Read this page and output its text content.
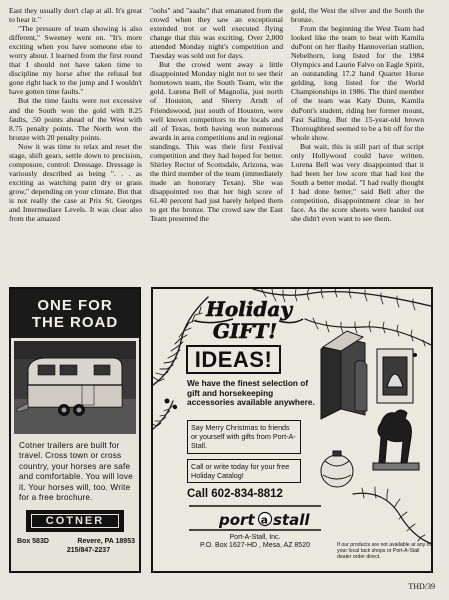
East they usually don't clap at all. It's great to hear it."

"The pressure of team showing is also different," Sweeney went on. "It's more exciting when you have someone else to worry about. I learned from the first round that I should not have taken time to discipline my horse after the refusal but gone right back to the jump and I wouldn't have gotten time faults."

But the time faults were not excessive and the South won the gold with 8.25 faults, .50 points ahead of the West with 8.75 penalty points. The North won the bronze with 20 penalty points.

Now it was time to relax and reset the stage, shift gears, settle down to precision, composure, control: Dressage. Dressage is variously described as being ". . . as exciting as watching paint dry or grass grow," depending on your climate. But that is not really the case at Prix St. Georges and Intermediare Levels. It was clear also from the amazed

"oohs" and "aaahs" that emanated from the crowd when they saw an exceptional extended trot or well executed flying change that this was exciting. Over 2,000 attended Monday night's competition and Tuesday was sold out for days.

But the crowd went away a little disappointed Monday night not to see their hometown team, the South Team, win the gold. Lurena Bell of Magnolia, just north of Houston, and Sherry Arndt of Friendswood, just south of Houston, were well known competitors to the locals and all of Texas, both having won numerous awards in area competitions and in regional standings. This was their first Festival competition and they had hoped for better. Shirley Rector of Scottsdale, Arizona, was the third member of the team (immediately made an honorary Texan). She was disappointed too that her high score of 61.40 percent had just barely helped them to get the bronze. The crowd saw the East Team presented the

gold, the West the silver and the South the bronze.

From the beginning the West Team had looked like the team to beat with Kamila duPont on her flashy Hannoverian stallion, Nebelhorn, long listed for the 1984 Olympics and Laurie Falvo on Eagle Spirit, an outstanding 17.2 hand Quarter Horse gelding, long listed for the World Championships in 1986. The third member of the team was Katy Dunn, Kamila duPont's student, riding her former mount, Fast Sailing. But the 15-year-old brown Thoroughbred seemed to be a bit off for the whole show.

But wait, this is still part of that script only Hollywood could have written. Lurena Bell was very disappointed that it had been her low score that had lost the South a better medal. "I had really thought I had done better," said Bell after the competition, disappointment clear in her face. As the score sheets were handed out she didn't even want to see them.

ONE FOR
THE ROAD
Cotner trailers are built for travel. Cross town or cross country, your horses are safe and comfortable. You will love it. Your horses will, too. Write for a free brochure.
COTNER
Box 583D	Revere, PA 18953
215/847-2237
Holiday
GIFT!
IDEAS!
We have the finest selection of gift and horsekeeping accessories available anywhere.
Say Merry Christmas to friends or yourself with gifts from Port-A-Stall.
Call or write today for your free Holiday Catalog!
Call 602-834-8812
port a stall
Port-A-Stall, Inc.
P.O. Box 1627-HD , Mesa, AZ 8520	If our products are not available at any of your local tack shops or Port-A-Stall dealer order direct.
THD/39
